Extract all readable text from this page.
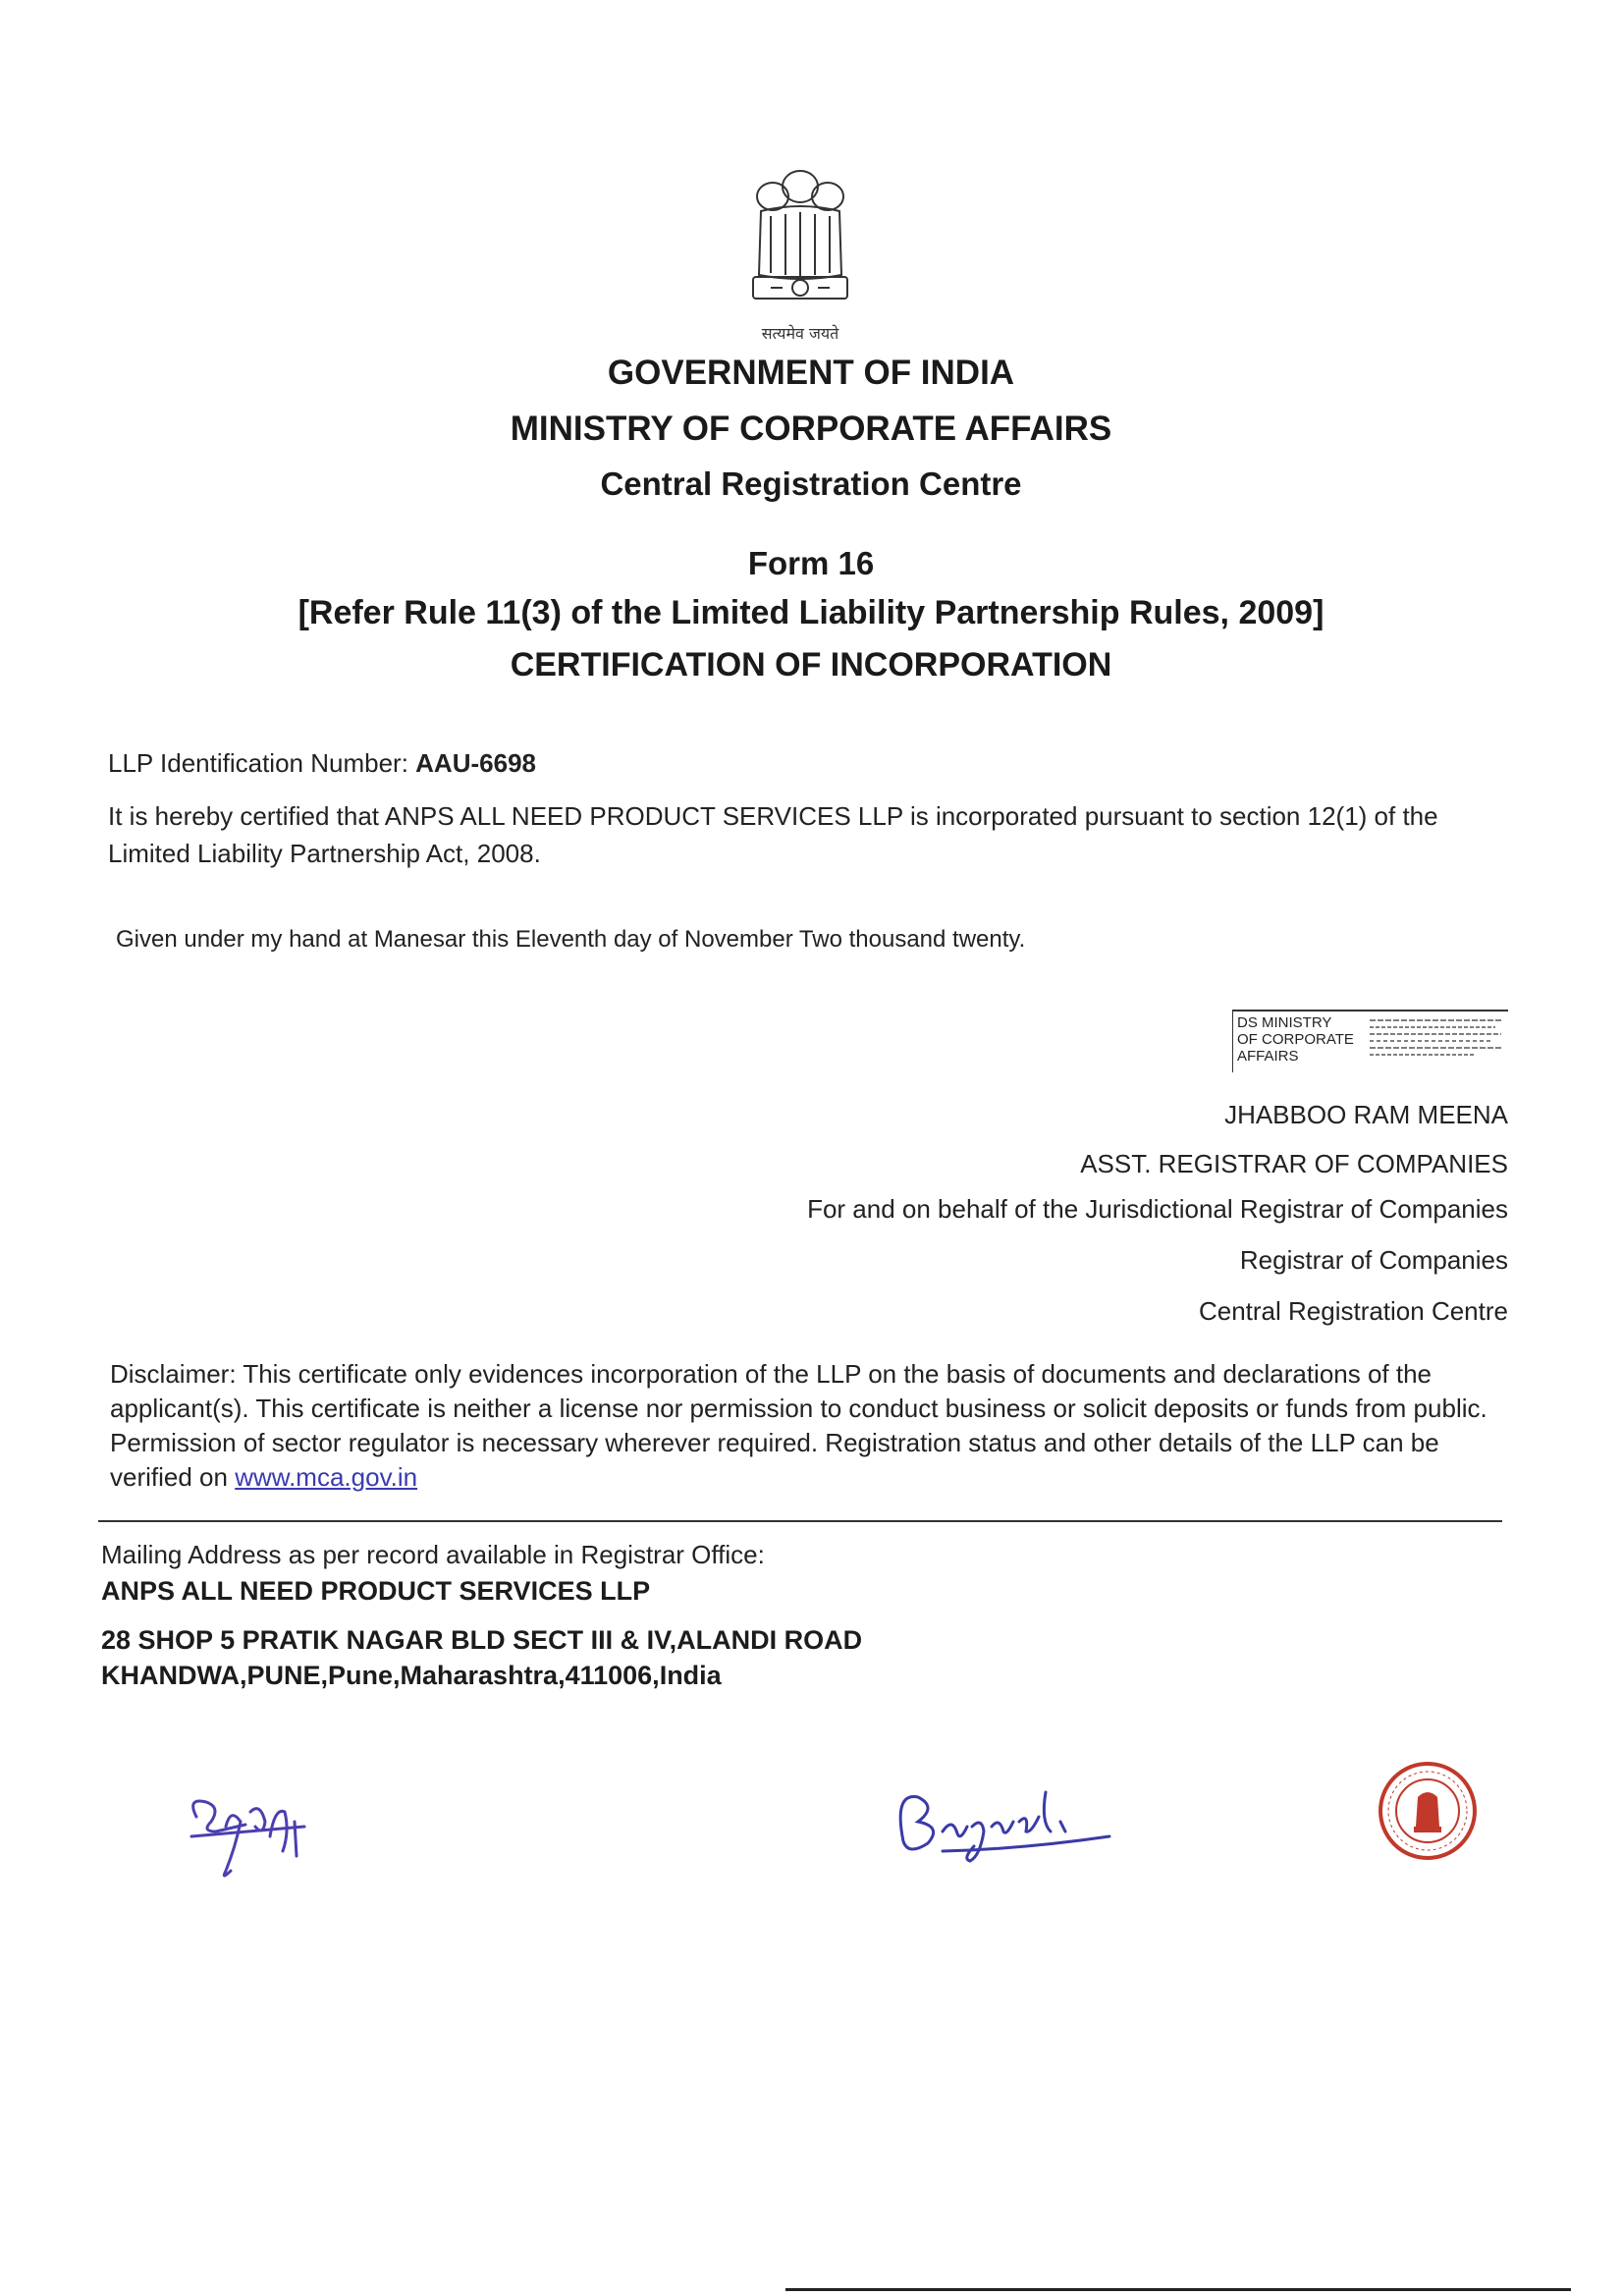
सत्यमेव जयते
GOVERNMENT OF INDIA
MINISTRY OF CORPORATE AFFAIRS
Central Registration Centre
Form 16
[Refer Rule 11(3) of the Limited Liability Partnership Rules, 2009]
CERTIFICATION OF INCORPORATION
LLP Identification Number: AAU-6698
It is hereby certified that ANPS ALL NEED PRODUCT SERVICES LLP is incorporated pursuant to section 12(1) of the Limited Liability Partnership Act, 2008.
Given under my hand at Manesar this Eleventh day of November Two thousand twenty.
DS MINISTRY
OF CORPORATE
AFFAIRS
JHABBOO RAM MEENA
ASST. REGISTRAR OF COMPANIES
For and on behalf of the Jurisdictional Registrar of Companies
Registrar of Companies
Central Registration Centre
Disclaimer: This certificate only evidences incorporation of the LLP on the basis of documents and declarations of the applicant(s). This certificate is neither a license nor permission to conduct business or solicit deposits or funds from public. Permission of sector regulator is necessary wherever required. Registration status and other details of the LLP can be verified on www.mca.gov.in
Mailing Address as per record available in Registrar Office:
ANPS ALL NEED PRODUCT SERVICES LLP
28 SHOP 5 PRATIK NAGAR BLD SECT III & IV,ALANDI ROAD
KHANDWA,PUNE,Pune,Maharashtra,411006,India
